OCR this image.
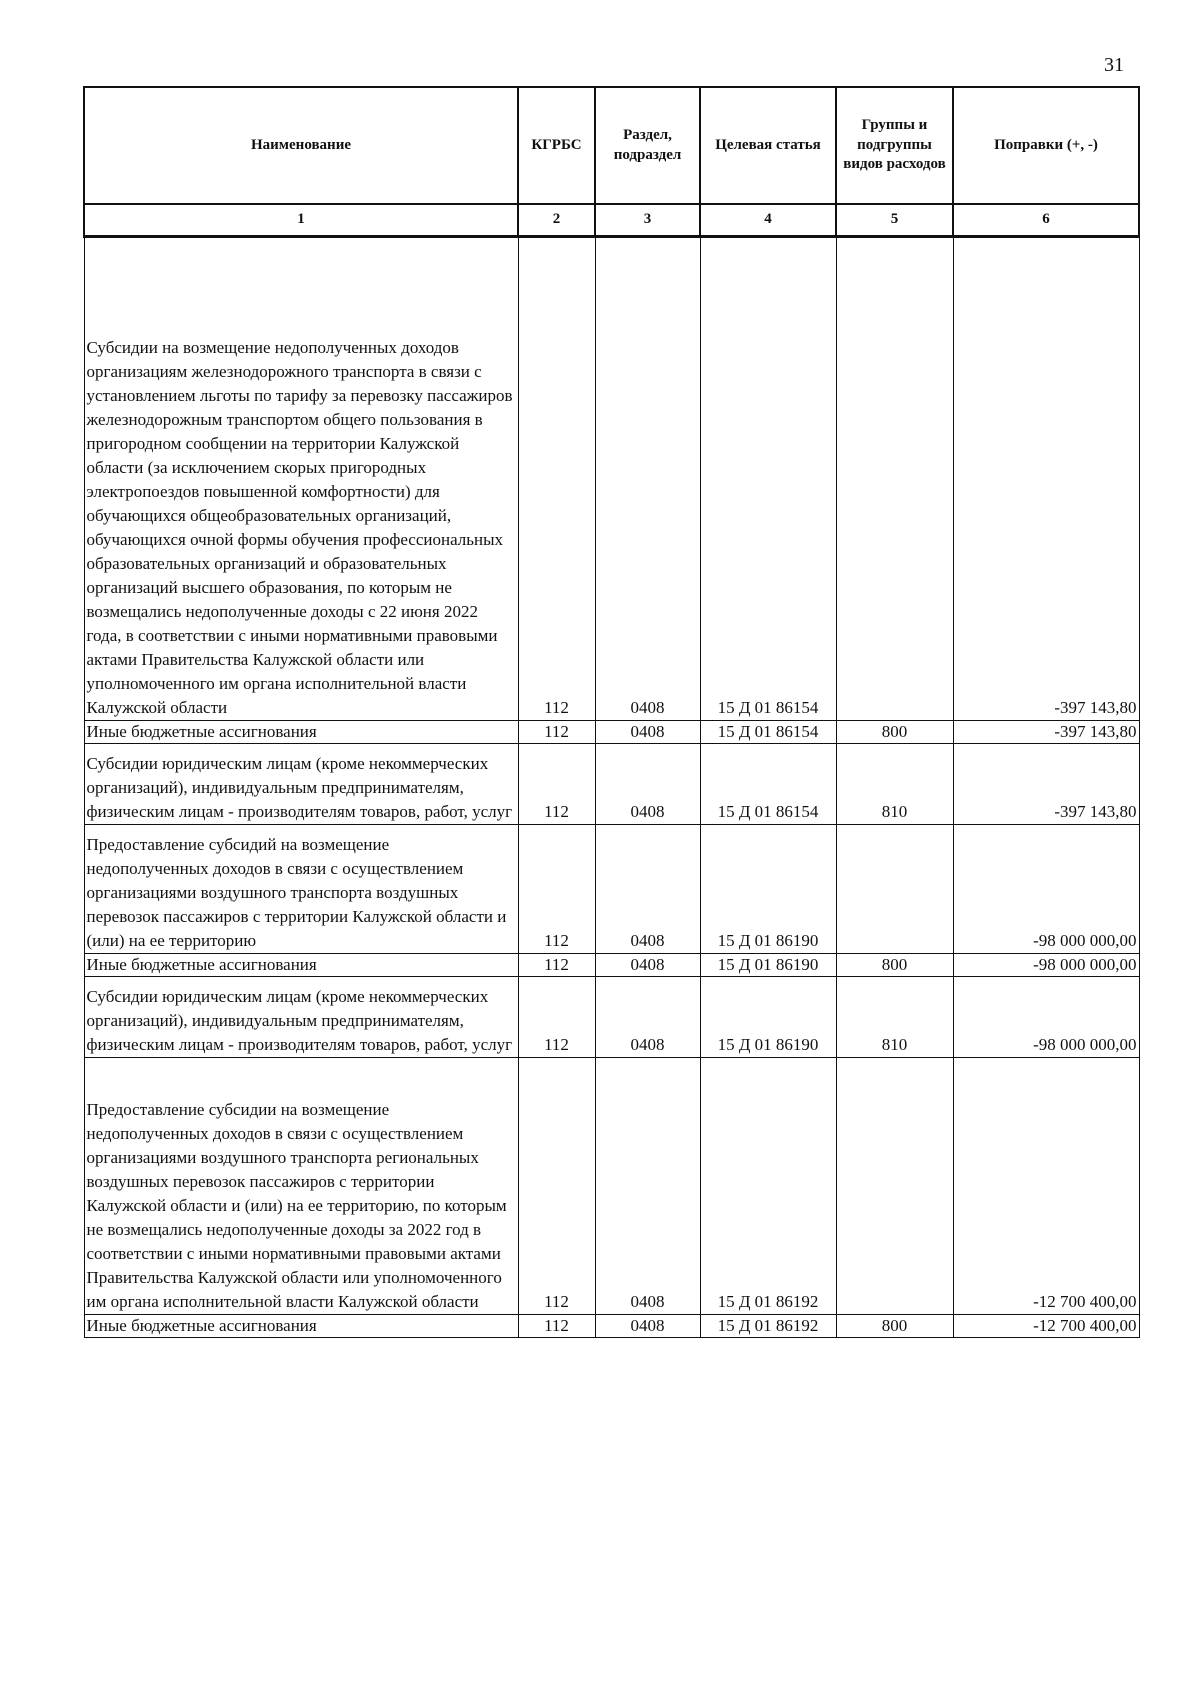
31
Наименование	КГРБС	Раздел, подраздел	Целевая статья	Группы и подгруппы видов расходов	Поправки (+, -)
1	2	3	4	5	6
Субсидии на возмещение недополученных доходов организациям железнодорожного транспорта в связи с установлением льготы по тарифу за перевозку пассажиров железнодорожным транспортом общего пользования в пригородном сообщении на территории Калужской области (за исключением скорых пригородных электропоездов повышенной комфортности) для обучающихся общеобразовательных организаций, обучающихся очной формы обучения профессиональных образовательных организаций и образовательных организаций высшего образования, по которым не возмещались недополученные доходы с 22 июня 2022 года, в соответствии с иными нормативными правовыми актами Правительства Калужской области или уполномоченного им органа исполнительной власти Калужской области	112	0408	15 Д 01 86154		-397 143,80
Иные бюджетные ассигнования	112	0408	15 Д 01 86154	800	-397 143,80
Субсидии юридическим лицам (кроме некоммерческих организаций), индивидуальным предпринимателям, физическим лицам - производителям товаров, работ, услуг	112	0408	15 Д 01 86154	810	-397 143,80
Предоставление субсидий на возмещение недополученных доходов в связи с осуществлением организациями воздушного транспорта воздушных перевозок пассажиров с территории Калужской области и (или) на ее территорию	112	0408	15 Д 01 86190		-98 000 000,00
Иные бюджетные ассигнования	112	0408	15 Д 01 86190	800	-98 000 000,00
Субсидии юридическим лицам (кроме некоммерческих организаций), индивидуальным предпринимателям, физическим лицам - производителям товаров, работ, услуг	112	0408	15 Д 01 86190	810	-98 000 000,00
Предоставление субсидии на возмещение недополученных доходов в связи с осуществлением организациями воздушного транспорта региональных воздушных перевозок пассажиров с территории Калужской области и (или) на ее территорию, по которым не возмещались недополученные доходы за 2022 год в соответствии с иными нормативными правовыми актами Правительства Калужской области или уполномоченного им органа исполнительной власти Калужской области	112	0408	15 Д 01 86192		-12 700 400,00
Иные бюджетные ассигнования	112	0408	15 Д 01 86192	800	-12 700 400,00
